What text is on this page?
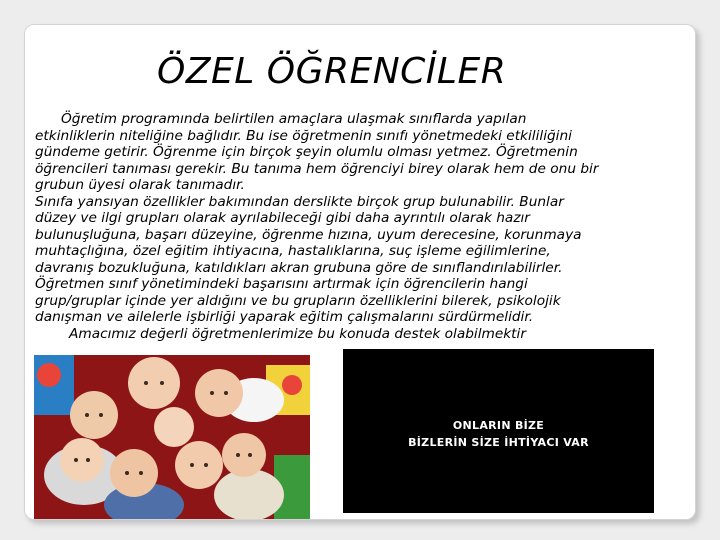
ÖZEL ÖĞRENCİLER

Öğretim programında belirtilen amaçlara ulaşmak sınıflarda yapılan
etkinliklerin niteliğine bağlıdır. Bu ise öğretmenin sınıfı yönetmedeki etkililiğini
gündeme getirir. Öğrenme için birçok şeyin olumlu olması yetmez. Öğretmenin
öğrencileri tanıması gerekir. Bu tanıma hem öğrenciyi birey olarak hem de onu bir
grubun üyesi olarak tanımadır.
Sınıfa yansıyan özellikler bakımından derslikte birçok grup bulunabilir. Bunlar
düzey ve ilgi grupları olarak ayrılabileceği gibi daha ayrıntılı olarak hazır
bulunuşluğuna, başarı düzeyine, öğrenme hızına, uyum derecesine, korunmaya
muhtaçlığına, özel eğitim ihtiyacına, hastalıklarına, suç işleme eğilimlerine,
davranış bozukluğuna, katıldıkları akran grubuna göre de sınıflandırılabilirler.
Öğretmen sınıf yönetimindeki başarısını artırmak için öğrencilerin hangi
grup/gruplar içinde yer aldığını ve bu grupların özelliklerini bilerek, psikolojik
danışman ve ailelerle işbirliği yaparak eğitim çalışmalarını sürdürmelidir.
Amacımız değerli öğretmenlerimize bu konuda destek olabilmektir

ONLARIN BİZE
BİZLERİN SİZE İHTİYACI VAR
